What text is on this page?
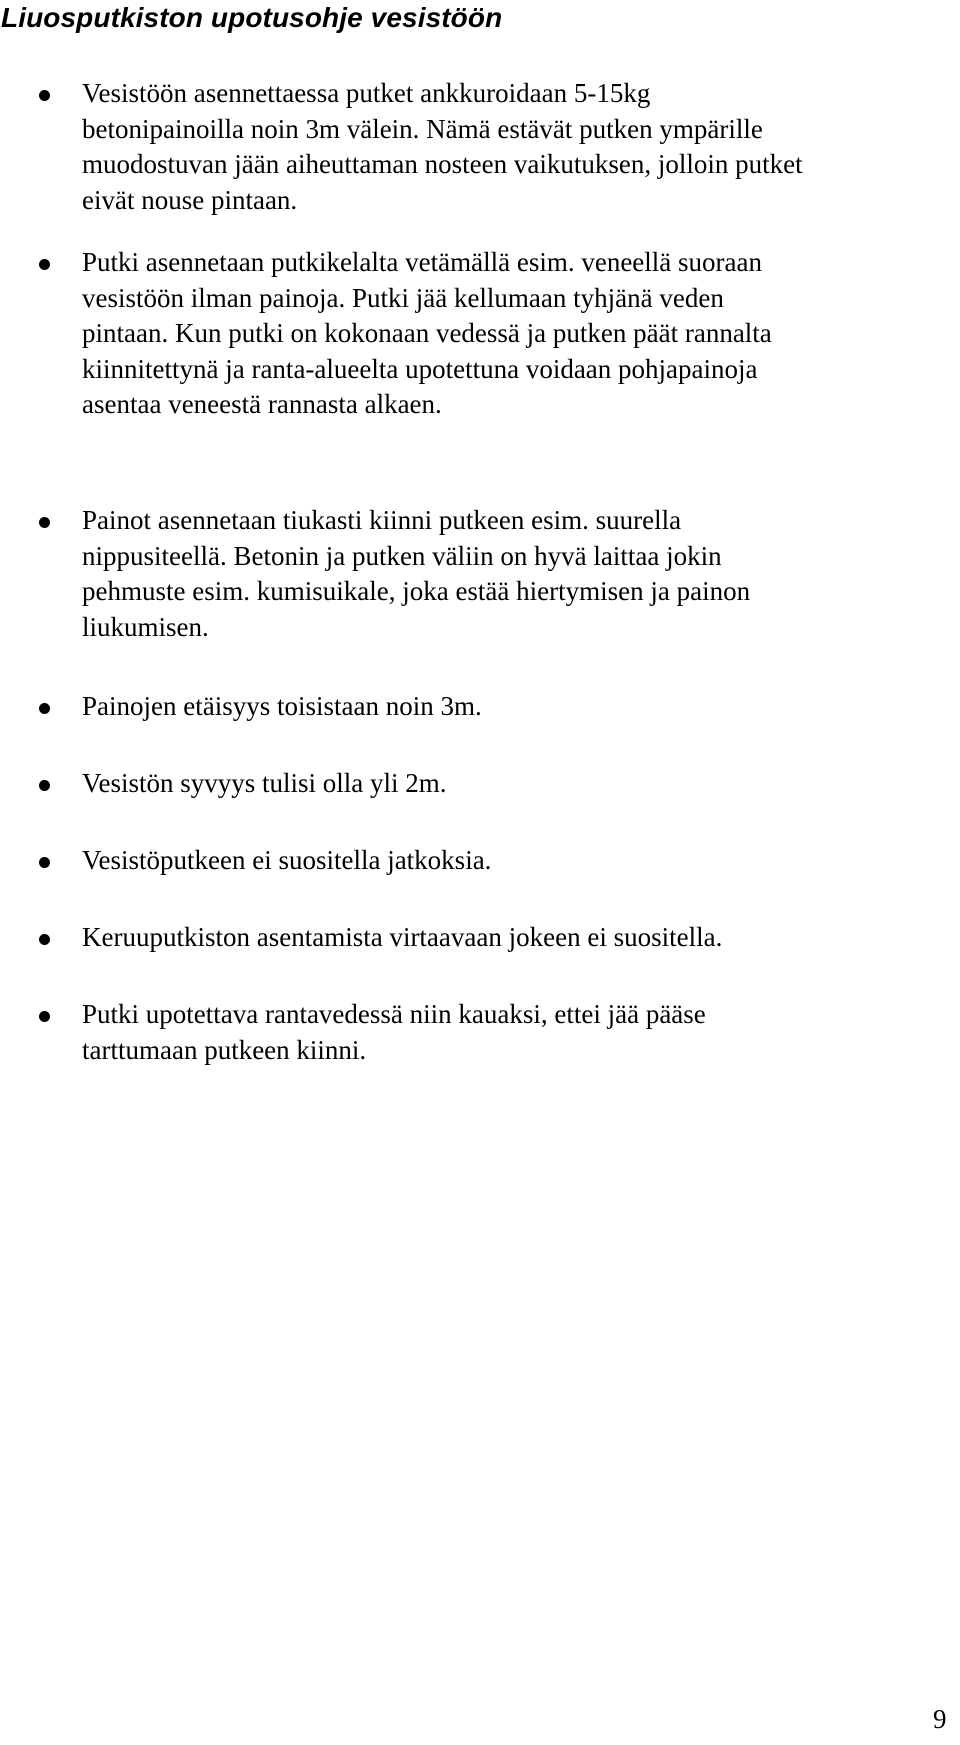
Liuosputkiston upotusohje vesistöön

Vesistöön asennettaessa putket ankkuroidaan 5-15kg
betonipainoilla noin 3m välein. Nämä estävät putken ympärille
muodostuvan jään aiheuttaman nosteen vaikutuksen, jolloin putket
eivät nouse pintaan.

Putki asennetaan putkikelalta vetämällä esim. veneellä suoraan
vesistöön ilman painoja. Putki jää kellumaan tyhjänä veden
pintaan. Kun putki on kokonaan vedessä ja putken päät rannalta
kiinnitettynä ja ranta-alueelta upotettuna voidaan pohjapainoja
asentaa veneestä rannasta alkaen.

Painot asennetaan tiukasti kiinni putkeen esim. suurella
nippusiteellä. Betonin ja putken väliin on hyvä laittaa jokin
pehmuste esim. kumisuikale, joka estää hiertymisen ja painon
liukumisen.

Painojen etäisyys toisistaan noin 3m.

Vesistön syvyys tulisi olla yli 2m.

Vesistöputkeen ei suositella jatkoksia.

Keruuputkiston asentamista virtaavaan jokeen ei suositella.

Putki upotettava rantavedessä niin kauaksi, ettei jää pääse
tarttumaan putkeen kiinni.

9
